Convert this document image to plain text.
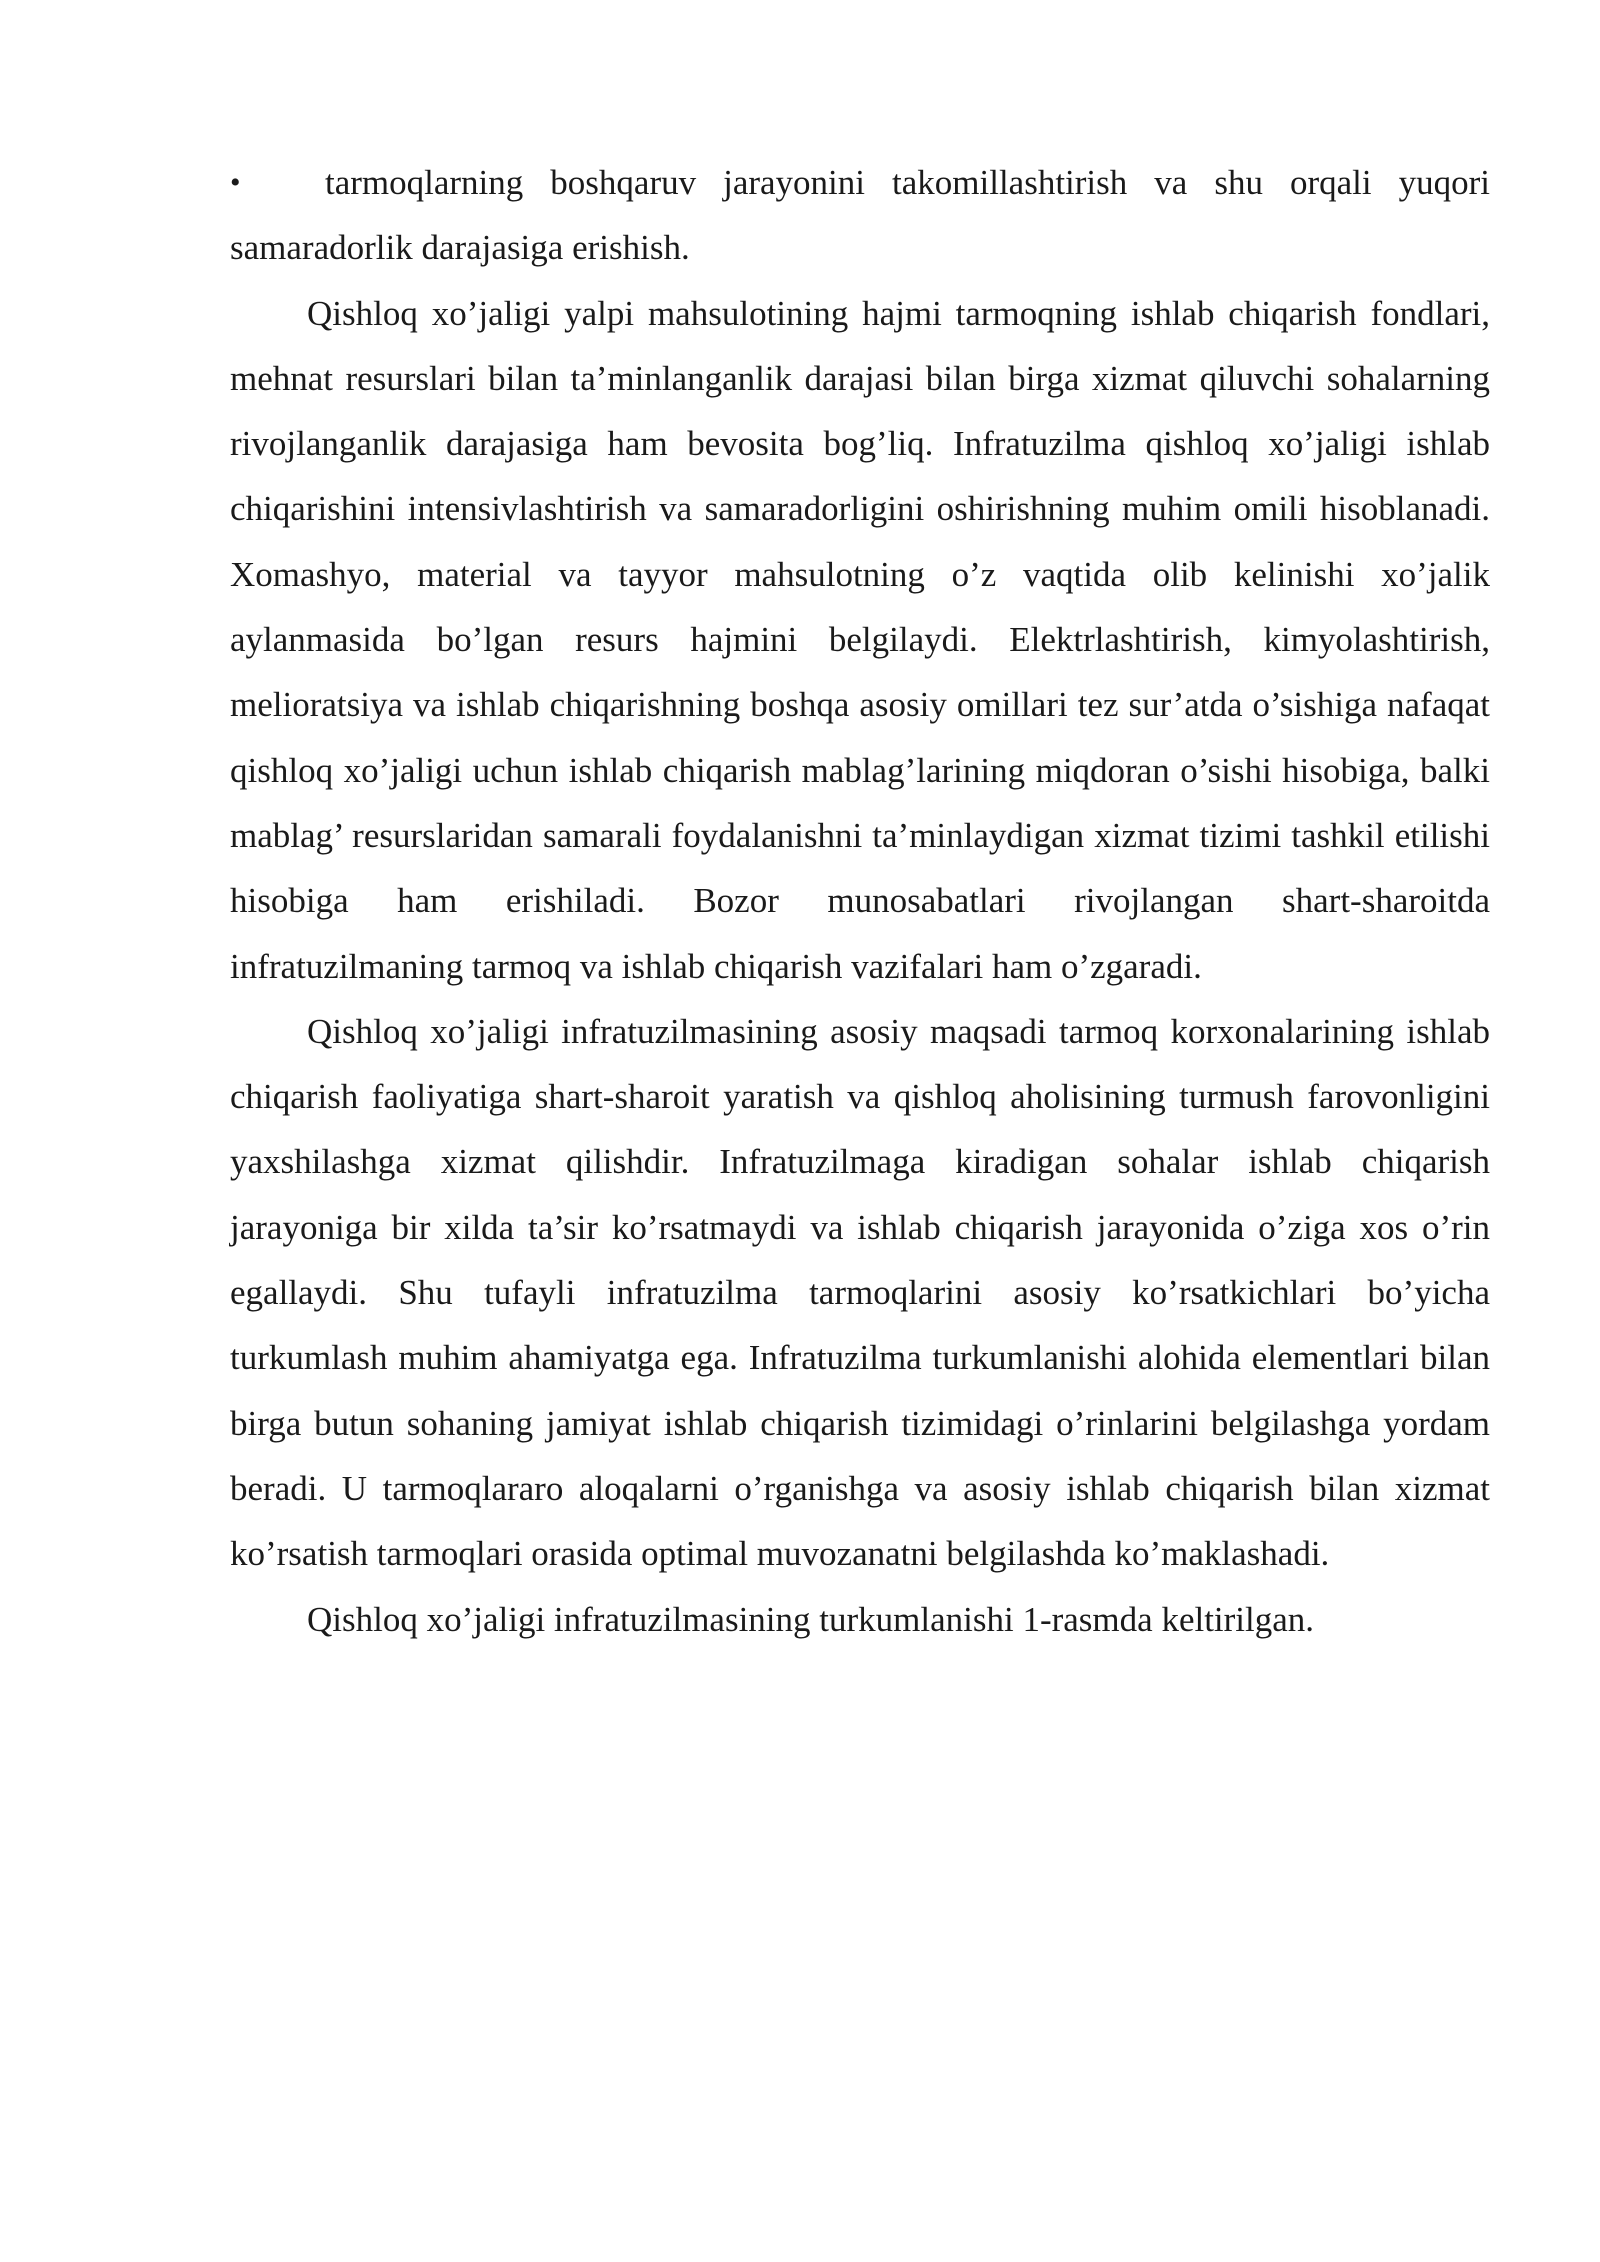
• tarmoqlarning boshqaruv jarayonini takomillashtirish va shu orqali yuqori samaradorlik darajasiga erishish.

Qishloq xo’jaligi yalpi mahsulotining hajmi tarmoqning ishlab chiqarish fondlari, mehnat resurslari bilan ta’minlanganlik darajasi bilan birga xizmat qiluvchi sohalarning rivojlanganlik darajasiga ham bevosita bog’liq. Infratuzilma qishloq xo’jaligi ishlab chiqarishini intensivlashtirish va samaradorligini oshirishning muhim omili hisoblanadi. Xomashyo, material va tayyor mahsulotning o’z vaqtida olib kelinishi xo’jalik aylanmasida bo’lgan resurs hajmini belgilaydi. Elektrlashtirish, kimyolashtirish, melioratsiya va ishlab chiqarishning boshqa asosiy omillari tez sur’atda o’sishiga nafaqat qishloq xo’jaligi uchun ishlab chiqarish mablag’larining miqdoran o’sishi hisobiga, balki mablag’ resurslaridan samarali foydalanishni ta’minlaydigan xizmat tizimi tashkil etilishi hisobiga ham erishiladi. Bozor munosabatlari rivojlangan shart-sharoitda infratuzilmaning tarmoq va ishlab chiqarish vazifalari ham o’zgaradi.

Qishloq xo’jaligi infratuzilmasining asosiy maqsadi tarmoq korxonalarining ishlab chiqarish faoliyatiga shart-sharoit yaratish va qishloq aholisining turmush farovonligini yaxshilashga xizmat qilishdir. Infratuzilmaga kiradigan sohalar ishlab chiqarish jarayoniga bir xilda ta’sir ko’rsatmaydi va ishlab chiqarish jarayonida o’ziga xos o’rin egallaydi. Shu tufayli infratuzilma tarmoqlarini asosiy ko’rsatkichlari bo’yicha turkumlash muhim ahamiyatga ega. Infratuzilma turkumlanishi alohida elementlari bilan birga butun sohaning jamiyat ishlab chiqarish tizimidagi o’rinlarini belgilashga yordam beradi. U tarmoqlararo aloqalarni o’rganishga va asosiy ishlab chiqarish bilan xizmat ko’rsatish tarmoqlari orasida optimal muvozanatni belgilashda ko’maklashadi.

Qishloq xo’jaligi infratuzilmasining turkumlanishi 1-rasmda keltirilgan.
